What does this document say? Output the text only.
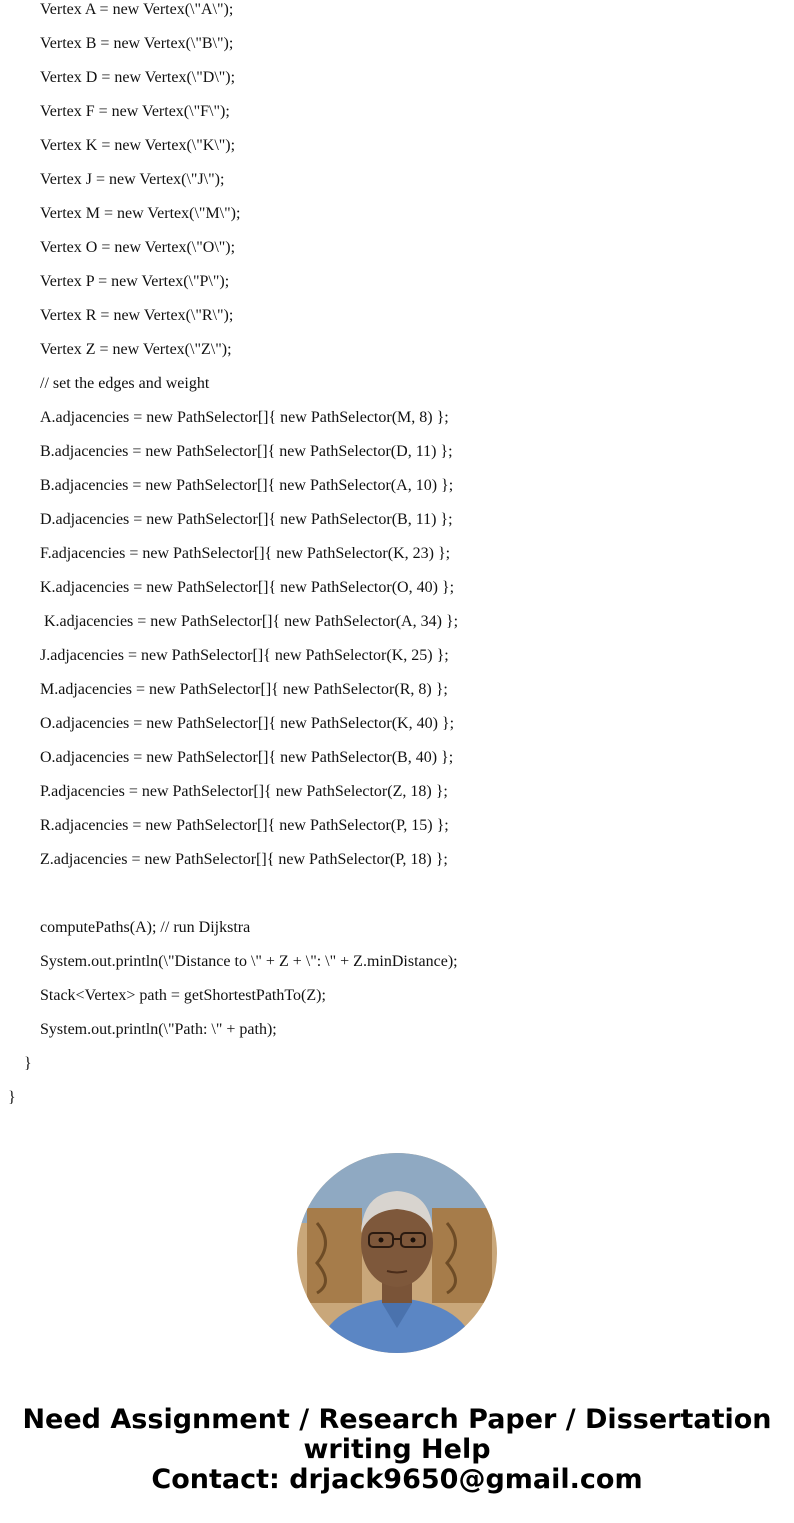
Vertex A = new Vertex(\"A\");

Vertex B = new Vertex(\"B\");

Vertex D = new Vertex(\"D\");

Vertex F = new Vertex(\"F\");

Vertex K = new Vertex(\"K\");

Vertex J = new Vertex(\"J\");

Vertex M = new Vertex(\"M\");

Vertex O = new Vertex(\"O\");

Vertex P = new Vertex(\"P\");

Vertex R = new Vertex(\"R\");

Vertex Z = new Vertex(\"Z\");

// set the edges and weight

A.adjacencies = new PathSelector[]{ new PathSelector(M, 8) };

B.adjacencies = new PathSelector[]{ new PathSelector(D, 11) };

B.adjacencies = new PathSelector[]{ new PathSelector(A, 10) };

D.adjacencies = new PathSelector[]{ new PathSelector(B, 11) };

F.adjacencies = new PathSelector[]{ new PathSelector(K, 23) };

K.adjacencies = new PathSelector[]{ new PathSelector(O, 40) };

K.adjacencies = new PathSelector[]{ new PathSelector(A, 34) };

J.adjacencies = new PathSelector[]{ new PathSelector(K, 25) };

M.adjacencies = new PathSelector[]{ new PathSelector(R, 8) };

O.adjacencies = new PathSelector[]{ new PathSelector(K, 40) };

O.adjacencies = new PathSelector[]{ new PathSelector(B, 40) };

P.adjacencies = new PathSelector[]{ new PathSelector(Z, 18) };

R.adjacencies = new PathSelector[]{ new PathSelector(P, 15) };

Z.adjacencies = new PathSelector[]{ new PathSelector(P, 18) };

computePaths(A); // run Dijkstra

System.out.println(\"Distance to \" + Z + \": \" + Z.minDistance);

Stack<Vertex> path = getShortestPathTo(Z);

System.out.println(\"Path: \" + path);

}

}

Need Assignment / Research Paper / Dissertation

writing Help

Contact: drjack9650@gmail.com
